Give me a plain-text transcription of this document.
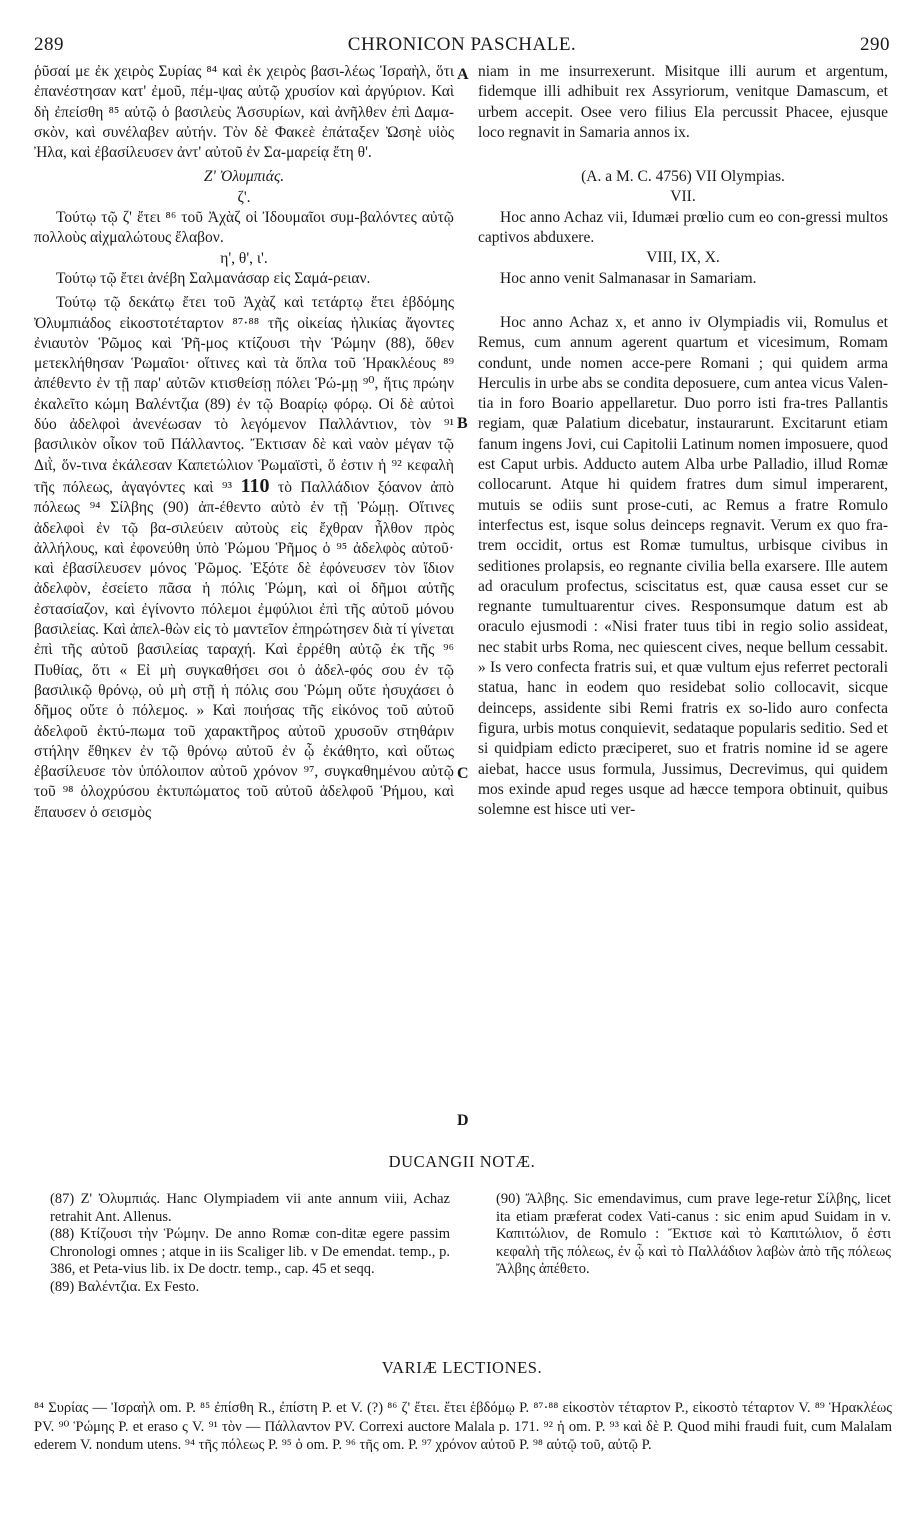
289	CHRONICON PASCHALE.	290

ῥῦσαί με ἐκ χειρὸς Συρίας ⁸⁴ καὶ ἐκ χειρὸς βασι-λέως Ἰσραὴλ, ὅτι ἐπανέστησαν κατ' ἐμοῦ, πέμ-ψας αὐτῷ χρυσίον καὶ ἀργύριον. Καὶ δὴ ἐπείσθη ⁸⁵ αὐτῷ ὁ βασιλεὺς Ἀσσυρίων, καὶ ἀνῆλθεν ἐπὶ Δαμα-σκὸν, καὶ συνέλαβεν αὐτήν. Τὸν δὲ Φακεὲ ἐπάταξεν Ὠσηὲ υἱὸς Ἠλα, καὶ ἐβασίλευσεν ἀντ' αὐτοῦ ἐν Σα-μαρείᾳ ἔτη θ'.

Ζ' Ὀλυμπιάς.

ζ'.

Τούτῳ τῷ ζ' ἔτει ⁸⁶ τοῦ Ἀχὰζ οἱ Ἰδουμαῖοι συμ-βαλόντες αὐτῷ πολλοὺς αἰχμαλώτους ἔλαβον.

η', θ', ι'.

Τούτῳ τῷ ἔτει ἀνέβη Σαλμανάσαρ εἰς Σαμά-ρειαν.

Τούτῳ τῷ δεκάτῳ ἔτει τοῦ Ἀχὰζ καὶ τετάρτῳ ἔτει ἑβδόμης Ὀλυμπιάδος εἰκοστοτέταρτον ⁸⁷·⁸⁸ τῆς οἰκείας ἡλικίας ἄγοντες ἐνιαυτὸν Ῥῶμος καὶ Ῥῆ-μος κτίζουσι τὴν Ῥώμην (88), ὅθεν μετεκλήθησαν Ῥωμαῖοι· οἵτινες καὶ τὰ ὅπλα τοῦ Ἡρακλέους ⁸⁹ ἀπέθεντο ἐν τῇ παρ' αὐτῶν κτισθείσῃ πόλει Ῥώ-μῃ ⁹⁰, ἥτις πρώην ἐκαλεῖτο κώμη Βαλέντζια (89) ἐν τῷ Βοαρίῳ φόρῳ. Οἱ δὲ αὐτοὶ δύο ἀδελφοὶ ἀνενέωσαν τὸ λεγόμενον Παλλάντιον, τὸν ⁹¹ βασιλικὸν οἶκον τοῦ Πάλλαντος. Ἔκτισαν δὲ καὶ ναὸν μέγαν τῷ Διῒ, ὅν-τινα ἐκάλεσαν Καπετώλιον Ῥωμαϊστὶ, ὅ ἐστιν ἡ ⁹² κεφαλὴ τῆς πόλεως, ἀγαγόντες καὶ ⁹³ 110 τὸ Παλλάδιον ξόανον ἀπὸ πόλεως ⁹⁴ Σίλβης (90) ἀπ-έθεντο αὐτὸ ἐν τῇ Ῥώμῃ. Οἵτινες ἀδελφοὶ ἐν τῷ βα-σιλεύειν αὐτοὺς εἰς ἔχθραν ἦλθον πρὸς ἀλλήλους, καὶ ἐφονεύθη ὑπὸ Ῥώμου Ῥῆμος ὁ ⁹⁵ ἀδελφὸς αὐτοῦ· καὶ ἐβασίλευσεν μόνος Ῥῶμος. Ἐξότε δὲ ἐφόνευσεν τὸν ἴδιον ἀδελφὸν, ἐσείετο πᾶσα ἡ πόλις Ῥώμη, καὶ οἱ δῆμοι αὐτῆς ἐστασίαζον, καὶ ἐγίνοντο πόλεμοι ἐμφύλιοι ἐπὶ τῆς αὐτοῦ μόνου βασιλείας. Καὶ ἀπελ-θὼν εἰς τὸ μαντεῖον ἐπηρώτησεν διὰ τί γίνεται ἐπὶ τῆς αὐτοῦ βασιλείας ταραχή. Καὶ ἐρρέθη αὐτῷ ἐκ τῆς ⁹⁶ Πυθίας, ὅτι « Εἰ μὴ συγκαθήσει σοι ὁ ἀδελ-φός σου ἐν τῷ βασιλικῷ θρόνῳ, οὐ μὴ στῇ ἡ πόλις σου Ῥώμη οὔτε ἡσυχάσει ὁ δῆμος οὔτε ὁ πόλεμος. » Καὶ ποιήσας τῆς εἰκόνος τοῦ αὐτοῦ ἀδελφοῦ ἐκτύ-πωμα τοῦ χαρακτῆρος αὐτοῦ χρυσοῦν στηθάριν στήλην ἔθηκεν ἐν τῷ θρόνῳ αὐτοῦ ἐν ᾧ ἐκάθητο, καὶ οὕτως ἐβασίλευσε τὸν ὑπόλοιπον αὐτοῦ χρόνον ⁹⁷, συγκαθημένου αὐτῷ τοῦ ⁹⁸ ὁλοχρύσου ἐκτυπώματος τοῦ αὐτοῦ ἀδελφοῦ Ῥήμου, καὶ ἔπαυσεν ὁ σεισμὸς

niam in me insurrexerunt. Misitque illi aurum et argentum, fidemque illi adhibuit rex Assyriorum, venitque Damascum, et urbem accepit. Osee vero filius Ela percussit Phacee, ejusque loco regnavit in Samaria annos ix.

(A. a M. C. 4756) VII Olympias.

VII.

Hoc anno Achaz vii, Idumæi prœlio cum eo con-gressi multos captivos abduxere.

VIII, IX, X.

Hoc anno venit Salmanasar in Samariam.

Hoc anno Achaz x, et anno iv Olympiadis vii, Romulus et Remus, cum annum agerent quartum et vicesimum, Romam condunt, unde nomen acce-pere Romani ; qui quidem arma Herculis in urbe abs se condita deposuere, cum antea vicus Valen-tia in foro Boario appellaretur. Duo porro isti fra-tres Pallantis regiam, quæ Palatium dicebatur, instaurarunt. Excitarunt etiam fanum ingens Jovi, cui Capitolii Latinum nomen imposuere, quod est Caput urbis. Adducto autem Alba urbe Palladio, illud Romæ collocarunt. Atque hi quidem fratres dum simul imperarent, mutuis se odiis sunt prose-cuti, ac Remus a fratre Romulo interfectus est, isque solus deinceps regnavit. Verum ex quo fra-trem occidit, ortus est Romæ tumultus, urbisque civibus in seditiones prolapsis, eo regnante civilia bella exarsere. Ille autem ad oraculum profectus, sciscitatus est, quæ causa esset cur se regnante tumultuarentur cives. Responsumque datum est ab oraculo ejusmodi : «Nisi frater tuus tibi in regio solio assideat, nec stabit urbs Roma, nec quiescent cives, neque bellum cessabit. » Is vero confecta fratris sui, et quæ vultum ejus referret pectorali statua, hanc in eodem quo residebat solio collocavit, sicque deinceps, assidente sibi Remi fratris ex so-lido auro confecta figura, urbis motus conquievit, sedataque popularis seditio. Sed et si quidpiam edicto præciperet, suo et fratris nomine id se agere aiebat, hacce usus formula, Jussimus, Decrevimus, qui quidem mos exinde apud reges usque ad hæcce tempora obtinuit, quibus solemne est hisce uti ver-

A
B
C
D
DUCANGII NOTÆ.

(87) Ζ' Ὀλυμπιάς. Hanc Olympiadem vii ante annum viii, Achaz retrahit Ant. Allenus.

(88) Κτίζουσι τὴν Ῥώμην. De anno Romæ con-ditæ egere passim Chronologi omnes ; atque in iis Scaliger lib. v De emendat. temp., p. 386, et Peta-vius lib. ix De doctr. temp., cap. 45 et seqq.

(89) Βαλέντζια. Ex Festo.

(90) Ἄλβης. Sic emendavimus, cum prave lege-retur Σίλβης, licet ita etiam præferat codex Vati-canus : sic enim apud Suidam in v. Καπιτώλιον, de Romulo : Ἔκτισε καὶ τὸ Καπιτώλιον, ὅ ἐστι κεφαλὴ τῆς πόλεως, ἐν ᾧ καὶ τὸ Παλλάδιον λαβὼν ἀπὸ τῆς πόλεως Ἄλβης ἀπέθετο.

VARIÆ LECTIONES.

⁸⁴ Συρίας — Ἰσραὴλ om. P. ⁸⁵ ἐπίσθη R., ἐπίστη P. et V. (?) ⁸⁶ ζ' ἔτει. ἔτει ἑβδόμῳ P. ⁸⁷·⁸⁸ εἰκοστὸν τέταρτον P., εἰκοστὸ τέταρτον V. ⁸⁹ Ἡρακλέως PV. ⁹⁰ Ῥώμης P. et eraso ς V. ⁹¹ τὸν — Πάλλαντον PV. Correxi auctore Malala p. 171. ⁹² ἡ om. P. ⁹³ καὶ δὲ P. Quod mihi fraudi fuit, cum Malalam ederem V. nondum utens. ⁹⁴ τῆς πόλεως P. ⁹⁵ ὁ om. P. ⁹⁶ τῆς om. P. ⁹⁷ χρόνον αὐτοῦ P. ⁹⁸ αὐτῷ τοῦ, αὐτῷ P.
